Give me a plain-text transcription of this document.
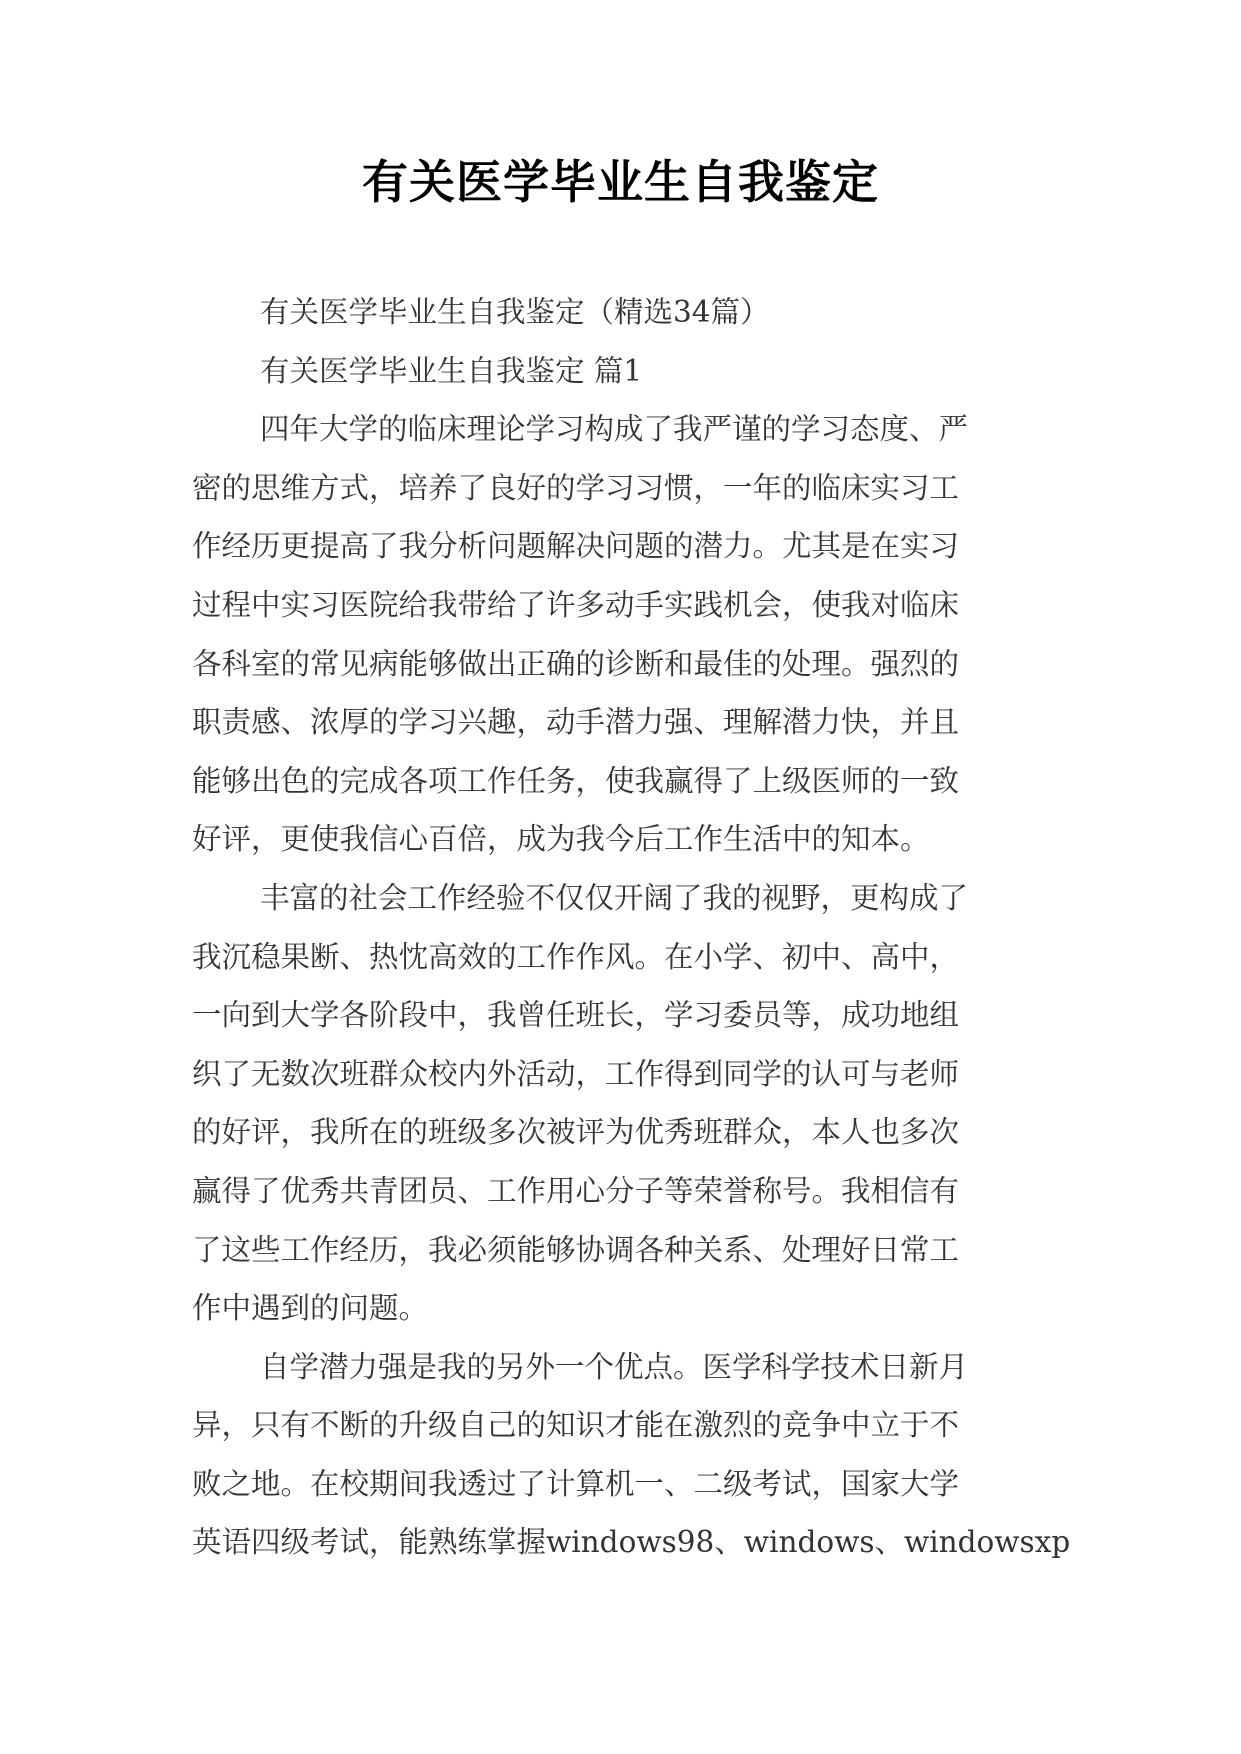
有关医学毕业生自我鉴定
有关医学毕业生自我鉴定（精选34篇）
有关医学毕业生自我鉴定 篇1
四年大学的临床理论学习构成了我严谨的学习态度、严
密的思维方式，培养了良好的学习习惯，一年的临床实习工
作经历更提高了我分析问题解决问题的潜力。尤其是在实习
过程中实习医院给我带给了许多动手实践机会，使我对临床
各科室的常见病能够做出正确的诊断和最佳的处理。强烈的
职责感、浓厚的学习兴趣，动手潜力强、理解潜力快，并且
能够出色的完成各项工作任务，使我赢得了上级医师的一致
好评，更使我信心百倍，成为我今后工作生活中的知本。
丰富的社会工作经验不仅仅开阔了我的视野，更构成了
我沉稳果断、热忱高效的工作作风。在小学、初中、高中，
一向到大学各阶段中，我曾任班长，学习委员等，成功地组
织了无数次班群众校内外活动，工作得到同学的认可与老师
的好评，我所在的班级多次被评为优秀班群众，本人也多次
赢得了优秀共青团员、工作用心分子等荣誉称号。我相信有
了这些工作经历，我必须能够协调各种关系、处理好日常工
作中遇到的问题。
自学潜力强是我的另外一个优点。医学科学技术日新月
异，只有不断的升级自己的知识才能在激烈的竞争中立于不
败之地。在校期间我透过了计算机一、二级考试，国家大学
英语四级考试，能熟练掌握windows98、windows、windowsxp
